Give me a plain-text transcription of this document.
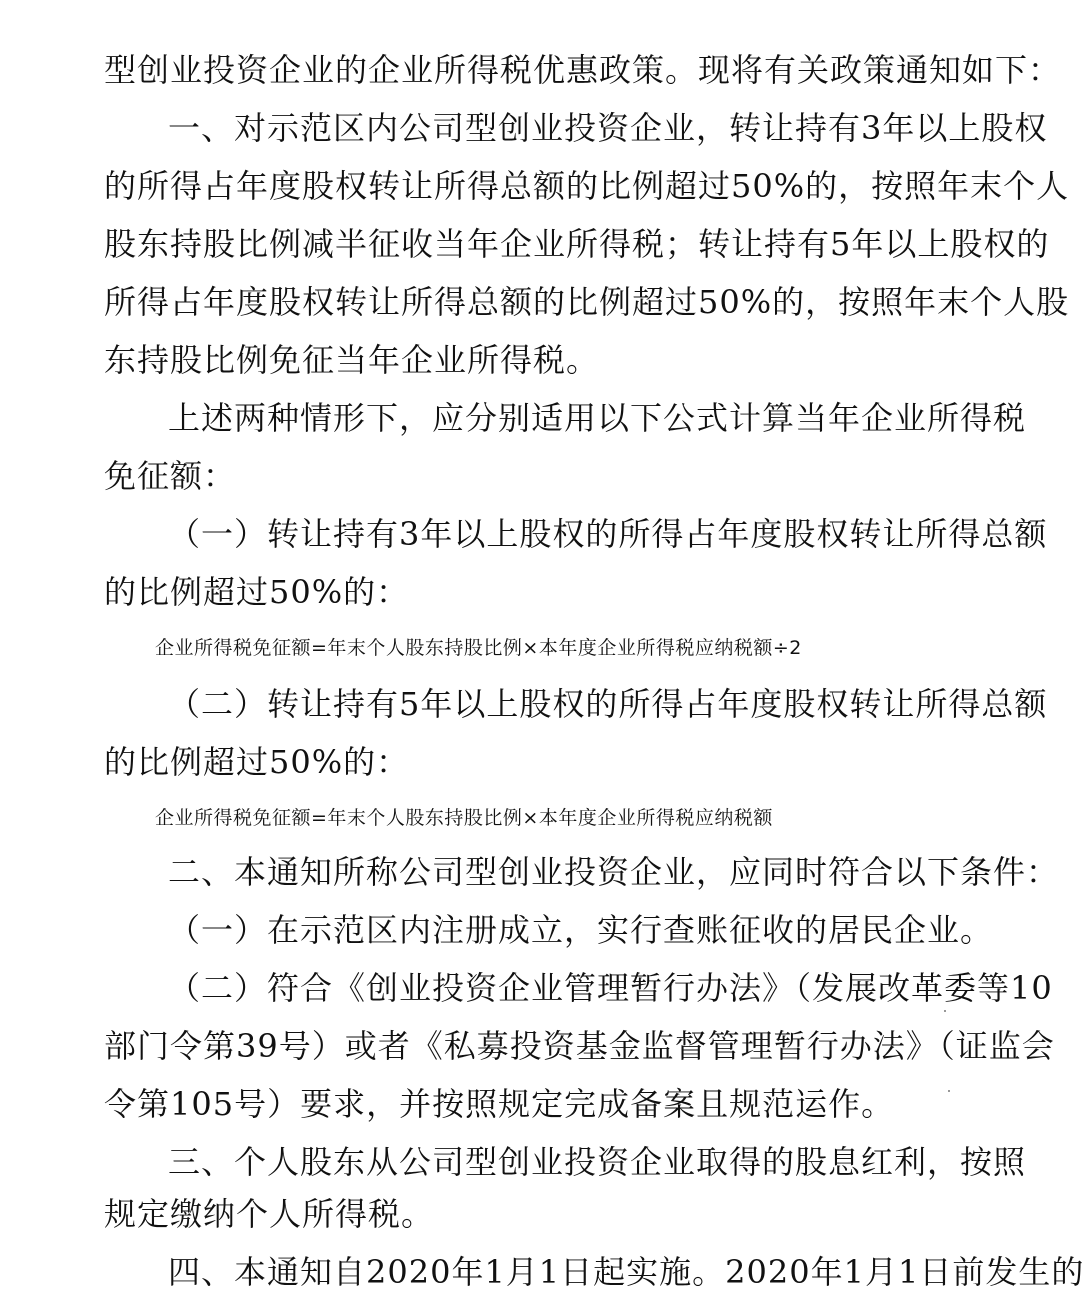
型创业投资企业的企业所得税优惠政策。现将有关政策通知如下：
一、对示范区内公司型创业投资企业，转让持有3年以上股权
的所得占年度股权转让所得总额的比例超过50%的，按照年末个人
股东持股比例减半征收当年企业所得税；转让持有5年以上股权的
所得占年度股权转让所得总额的比例超过50%的，按照年末个人股
东持股比例免征当年企业所得税。
上述两种情形下，应分别适用以下公式计算当年企业所得税
免征额：
（一）转让持有3年以上股权的所得占年度股权转让所得总额
的比例超过50%的：
企业所得税免征额=年末个人股东持股比例×本年度企业所得税应纳税额÷2
（二）转让持有5年以上股权的所得占年度股权转让所得总额
的比例超过50%的：
企业所得税免征额=年末个人股东持股比例×本年度企业所得税应纳税额
二、本通知所称公司型创业投资企业，应同时符合以下条件：
（一）在示范区内注册成立，实行查账征收的居民企业。
（二）符合《创业投资企业管理暂行办法》（发展改革委等10
部门令第39号）或者《私募投资基金监督管理暂行办法》（证监会
令第105号）要求，并按照规定完成备案且规范运作。
三、个人股东从公司型创业投资企业取得的股息红利，按照
规定缴纳个人所得税。
四、本通知自2020年1月1日起实施。2020年1月1日前发生的
